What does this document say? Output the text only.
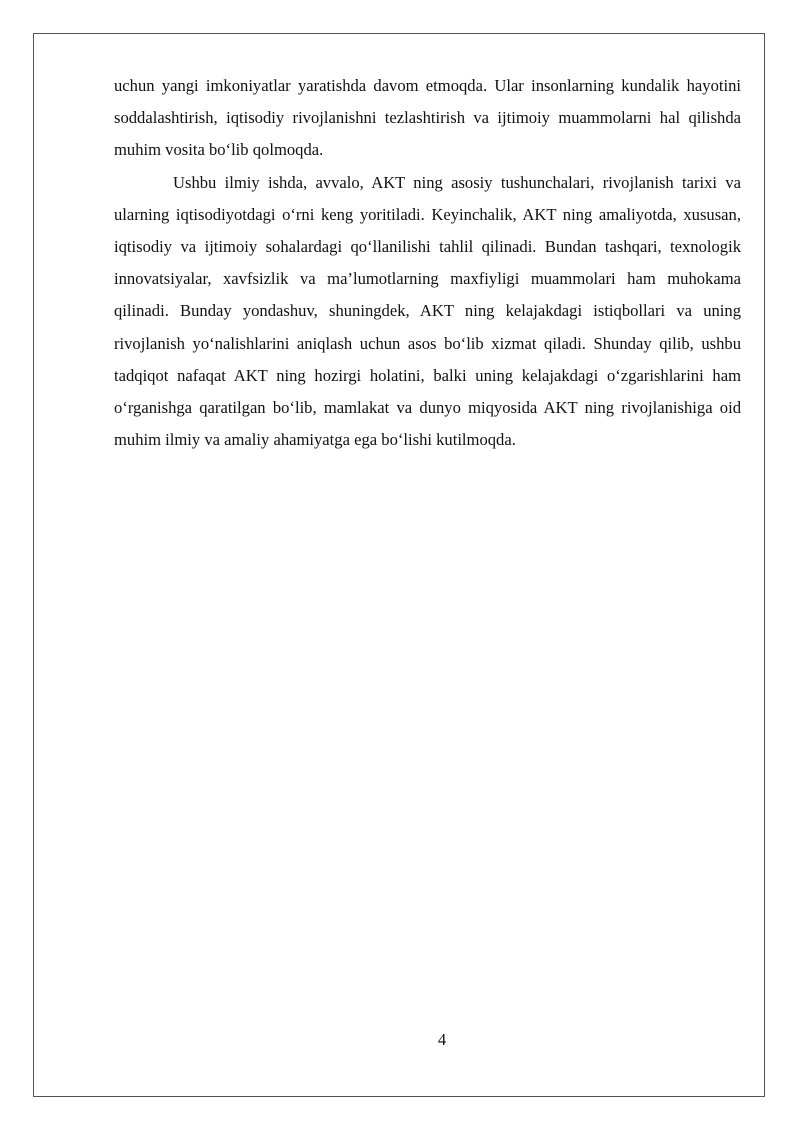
uchun yangi imkoniyatlar yaratishda davom etmoqda. Ular insonlarning kundalik hayotini soddalashtirish, iqtisodiy rivojlanishni tezlashtirish va ijtimoiy muammolarni hal qilishda muhim vosita bo‘lib qolmoqda.

Ushbu ilmiy ishda, avvalo, AKT ning asosiy tushunchalari, rivojlanish tarixi va ularning iqtisodiyotdagi o‘rni keng yoritiladi. Keyinchalik, AKT ning amaliyotda, xususan, iqtisodiy va ijtimoiy sohalardagi qo‘llanilishi tahlil qilinadi. Bundan tashqari, texnologik innovatsiyalar, xavfsizlik va ma’lumotlarning maxfiyligi muammolari ham muhokama qilinadi. Bunday yondashuv, shuningdek, AKT ning kelajakdagi istiqbollari va uning rivojlanish yo‘nalishlarini aniqlash uchun asos bo‘lib xizmat qiladi. Shunday qilib, ushbu tadqiqot nafaqat AKT ning hozirgi holatini, balki uning kelajakdagi o‘zgarishlarini ham o‘rganishga qaratilgan bo‘lib, mamlakat va dunyo miqyosida AKT ning rivojlanishiga oid muhim ilmiy va amaliy ahamiyatga ega bo‘lishi kutilmoqda.

4
